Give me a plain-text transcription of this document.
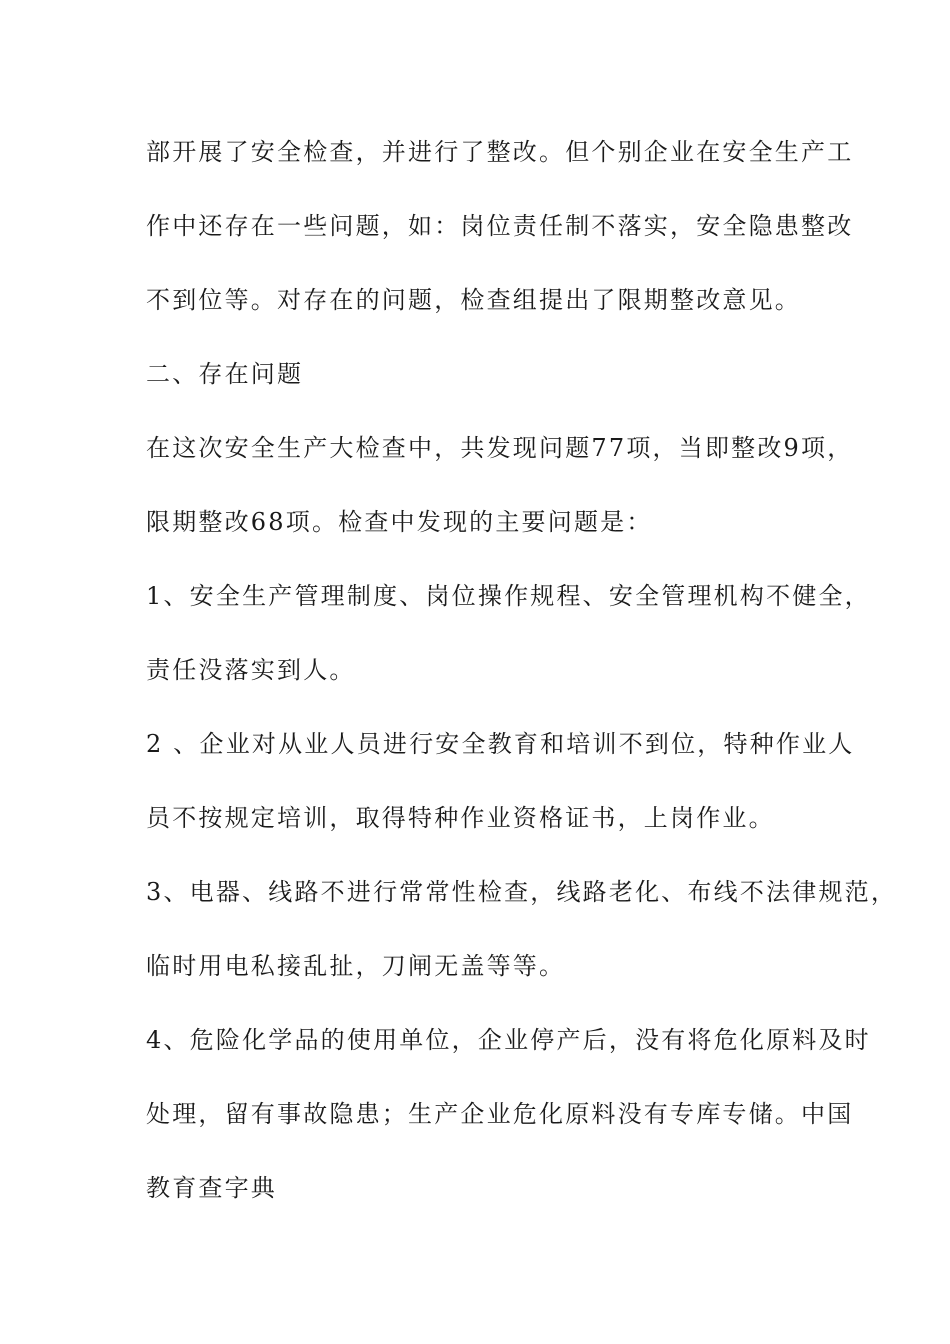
部开展了安全检查，并进行了整改。但个别企业在安全生产工
作中还存在一些问题，如：岗位责任制不落实，安全隐患整改
不到位等。对存在的问题，检查组提出了限期整改意见。
二、存在问题
在这次安全生产大检查中，共发现问题77项，当即整改9项，
限期整改68项。检查中发现的主要问题是：
1、安全生产管理制度、岗位操作规程、安全管理机构不健全，
责任没落实到人。
2 、企业对从业人员进行安全教育和培训不到位，特种作业人
员不按规定培训，取得特种作业资格证书，上岗作业。
3、电器、线路不进行常常性检查，线路老化、布线不法律规范，
临时用电私接乱扯，刀闸无盖等等。
4、危险化学品的使用单位，企业停产后，没有将危化原料及时
处理，留有事故隐患；生产企业危化原料没有专库专储。中国
教育查字典
